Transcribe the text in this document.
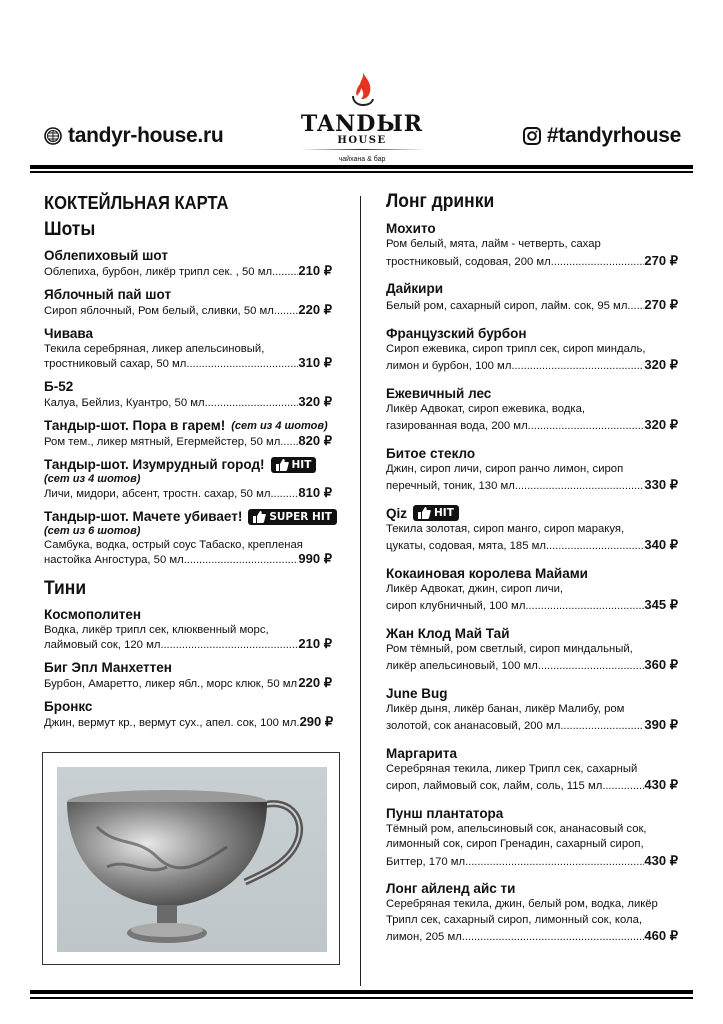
tandyr-house.ru	TANDЫR
HOUSE
чайхана & бар
#tandyrhouse
КОКТЕЙЛЬНАЯ КАРТА
Шоты
Облепиховый шот
Облепиха, бурбон, ликёр трипл сек. , 50 мл ..... 210 ₽
Яблочный пай шот
Сироп яблочный, Ром белый, сливки, 50 мл ..... 220 ₽
Чивава
Текила серебряная, ликер апельсиновый,
тростниковый сахар, 50 мл .....	310 ₽
Б-52
Калуа, Бейлиз, Куантро, 50 мл .....	320 ₽
Тандыр-шот. Пора в гарем! (сет из 4 шотов)
Ром тем., ликер мятный, Егермейстер, 50 мл ..... 820 ₽
Тандыр-шот. Изумрудный город!	HIT
(сет из 4 шотов)
Личи, мидори, абсент, тростн. сахар, 50 мл ..... 810 ₽
Тандыр-шот. Мачете убивает!	SUPER HIT
(сет из 6 шотов)
Самбука, водка, острый соус Табаско, крепленая
настойка Ангостура, 50 мл .....	990 ₽
Тини
Космополитен
Водка, ликёр трипл сек, клюквенный морс,
лаймовый сок, 120 мл .....	210 ₽
Биг Эпл Манхеттен
Бурбон, Амаретто, ликер ябл., морс клюк, 50 мл ..... 220 ₽
Бронкс
Джин, вермут кр., вермут сух., апел. сок, 100 мл. 290 ₽
Лонг дринки
Мохито
Ром белый, мята, лайм - четверть, сахар
тростниковый, содовая, 200 мл .....	270 ₽
Дайкири
Белый ром, сахарный сироп, лайм. сок, 95 мл ..... 270 ₽
Французский бурбон
Сироп ежевика, сироп трипл сек, сироп миндаль,
лимон и бурбон, 100 мл .....	320 ₽
Ежевичный лес
Ликёр Адвокат, сироп ежевика, водка,
газированная вода, 200 мл .....	320 ₽
Битое стекло
Джин, сироп личи, сироп ранчо лимон, сироп
перечный, тоник, 130 мл .....	330 ₽
Qiz	HIT
Текила золотая, сироп манго, сироп маракуя,
цукаты, содовая, мята, 185 мл .....	340 ₽
Кокаиновая королева Майами
Ликёр Адвокат, джин, сироп личи,
сироп клубничный, 100 мл .....	345 ₽
Жан Клод Май Тай
Ром тёмный, ром светлый, сироп миндальный,
ликёр апельсиновый, 100 мл .....	360 ₽
June Bug
Ликёр дыня, ликёр банан, ликёр Малибу, ром
золотой, сок ананасовый, 200 мл .....	390 ₽
Маргарита
Серебряная текила, ликер Трипл сек, сахарный
сироп, лаймовый сок, лайм, соль, 115 мл .....	430 ₽
Пунш плантатора
Тёмный ром, апельсиновый сок, ананасовый сок,
лимонный сок, сироп Гренадин, сахарный сироп,
Биттер, 170 мл .....	430 ₽
Лонг айленд айс ти
Серебряная текила, джин, белый ром, водка, ликёр
Трипл сек, сахарный сироп, лимонный сок, кола,
лимон, 205 мл .....	460 ₽
